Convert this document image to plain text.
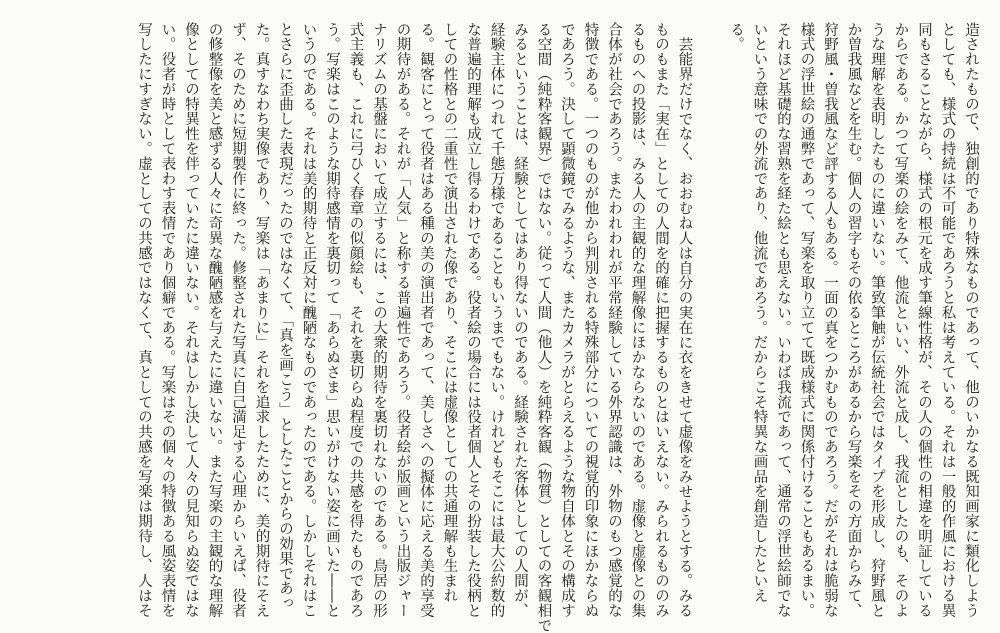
造されたもので、独創的であり特殊なものであって、他のいかなる既知画家に類化しよう
としても、様式の持続は不可能であろうと私は考えている。それは一般的作風における異
同もさることながら、様式の根元を成す筆線性格が、その人の個性の相違を明証している
からである。かつて写楽の絵をみて、他流といい、外流と成し、我流としたのも、そのよ
うな理解を表明したものに違いない。筆致筆触が伝統社会ではタイプを形成し、狩野風と
か曽我風などを生む。個人の習字もその依るところがあるから写楽をその方面からみて、
狩野風・曽我風など評する人もある。一面の真をつかむものであろう。だがそれは脆弱な
様式の浮世絵の通弊であって、写楽を取り立てて既成様式に関係付けることもあるまい。
それほど基礎的な習熟を経た絵とも思えない。いわば我流であって、通常の浮世絵師でな
いという意味での外流であり、他流であろう。だからこそ特異な画品を創造したといえ
る。

芸能界だけでなく、おおむね人は自分の実在に衣をきせて虚像をみせようとする。みる
ものもまた「実在」としての人間を的確に把握するものとはいえない。みられるもののみ
るものへの投影は、みる人の主観的な理解像にほかならないのである。虚像と虚像との集
合体が社会であろう。またわれわれが平常経験している外界認識は、外物のもつ感覚的な
特徴である。一つのものが他から判別される特殊部分についての視覚的印象にほかならぬ
であろう。決して顕微鏡でみるような、またカメラがとらえるような物自体とその構成す
る空間（純粋客観界）ではない。従って人間（他人）を純粋客観（物質）としての客観相で
みるということは、経験としてはあり得ないのである。経験された客体としての人間が、
経験主体につれて千態万様であることもいうまでもない。けれどもそこには最大公約数的
な普遍的理解も成立し得るわけである。役者絵の場合には役者個人とその扮装した役柄と
しての性格との二重性で演出された像であり、そこには虚像としての共通理解も生まれ
る。観客にとって役者はある種の美の演出者であって、美しさへの擬体に応える美的享受
の期待がある。それが「人気」と称する普遍性であろう。役者絵が版画という出版ジャー
ナリズムの基盤において成立するには、この大衆的期待を裏切れないのである。鳥居の形
式主義も、これに弓ひく春章の似顔絵も、それを裏切らぬ程度での共感を得たものであろ
う。写楽はこのような期待感情を裏切って「あらぬさま」思いがけない姿に画いた――と
いうのである。それは美的期待と正反対に醜陋なものであったのである。しかしそれはこ
とさらに歪曲した表現だったのではなくて、「真を画こう」としたことからの効果であっ
た。真すなわち実像であり、写楽は「あまりに」それを追求したために、美的期待にそえ
ず、そのために短期製作に終った。修整された写真に自己満足する心理からいえば、役者
の修整像を美と感ずる人々に奇異な醜陋感を与えたに違いない。また写楽の主観的な理解
像としての特異性を伴っていたに違いない。それはしかし決して人々の見知らぬ姿ではな
い。役者が時として表わす表情であり個癖である。写楽はその個々の特徴ある風姿表情を
写したにすぎない。虚としての共感ではなくて、真としての共感を写楽は期待し、人はそ
